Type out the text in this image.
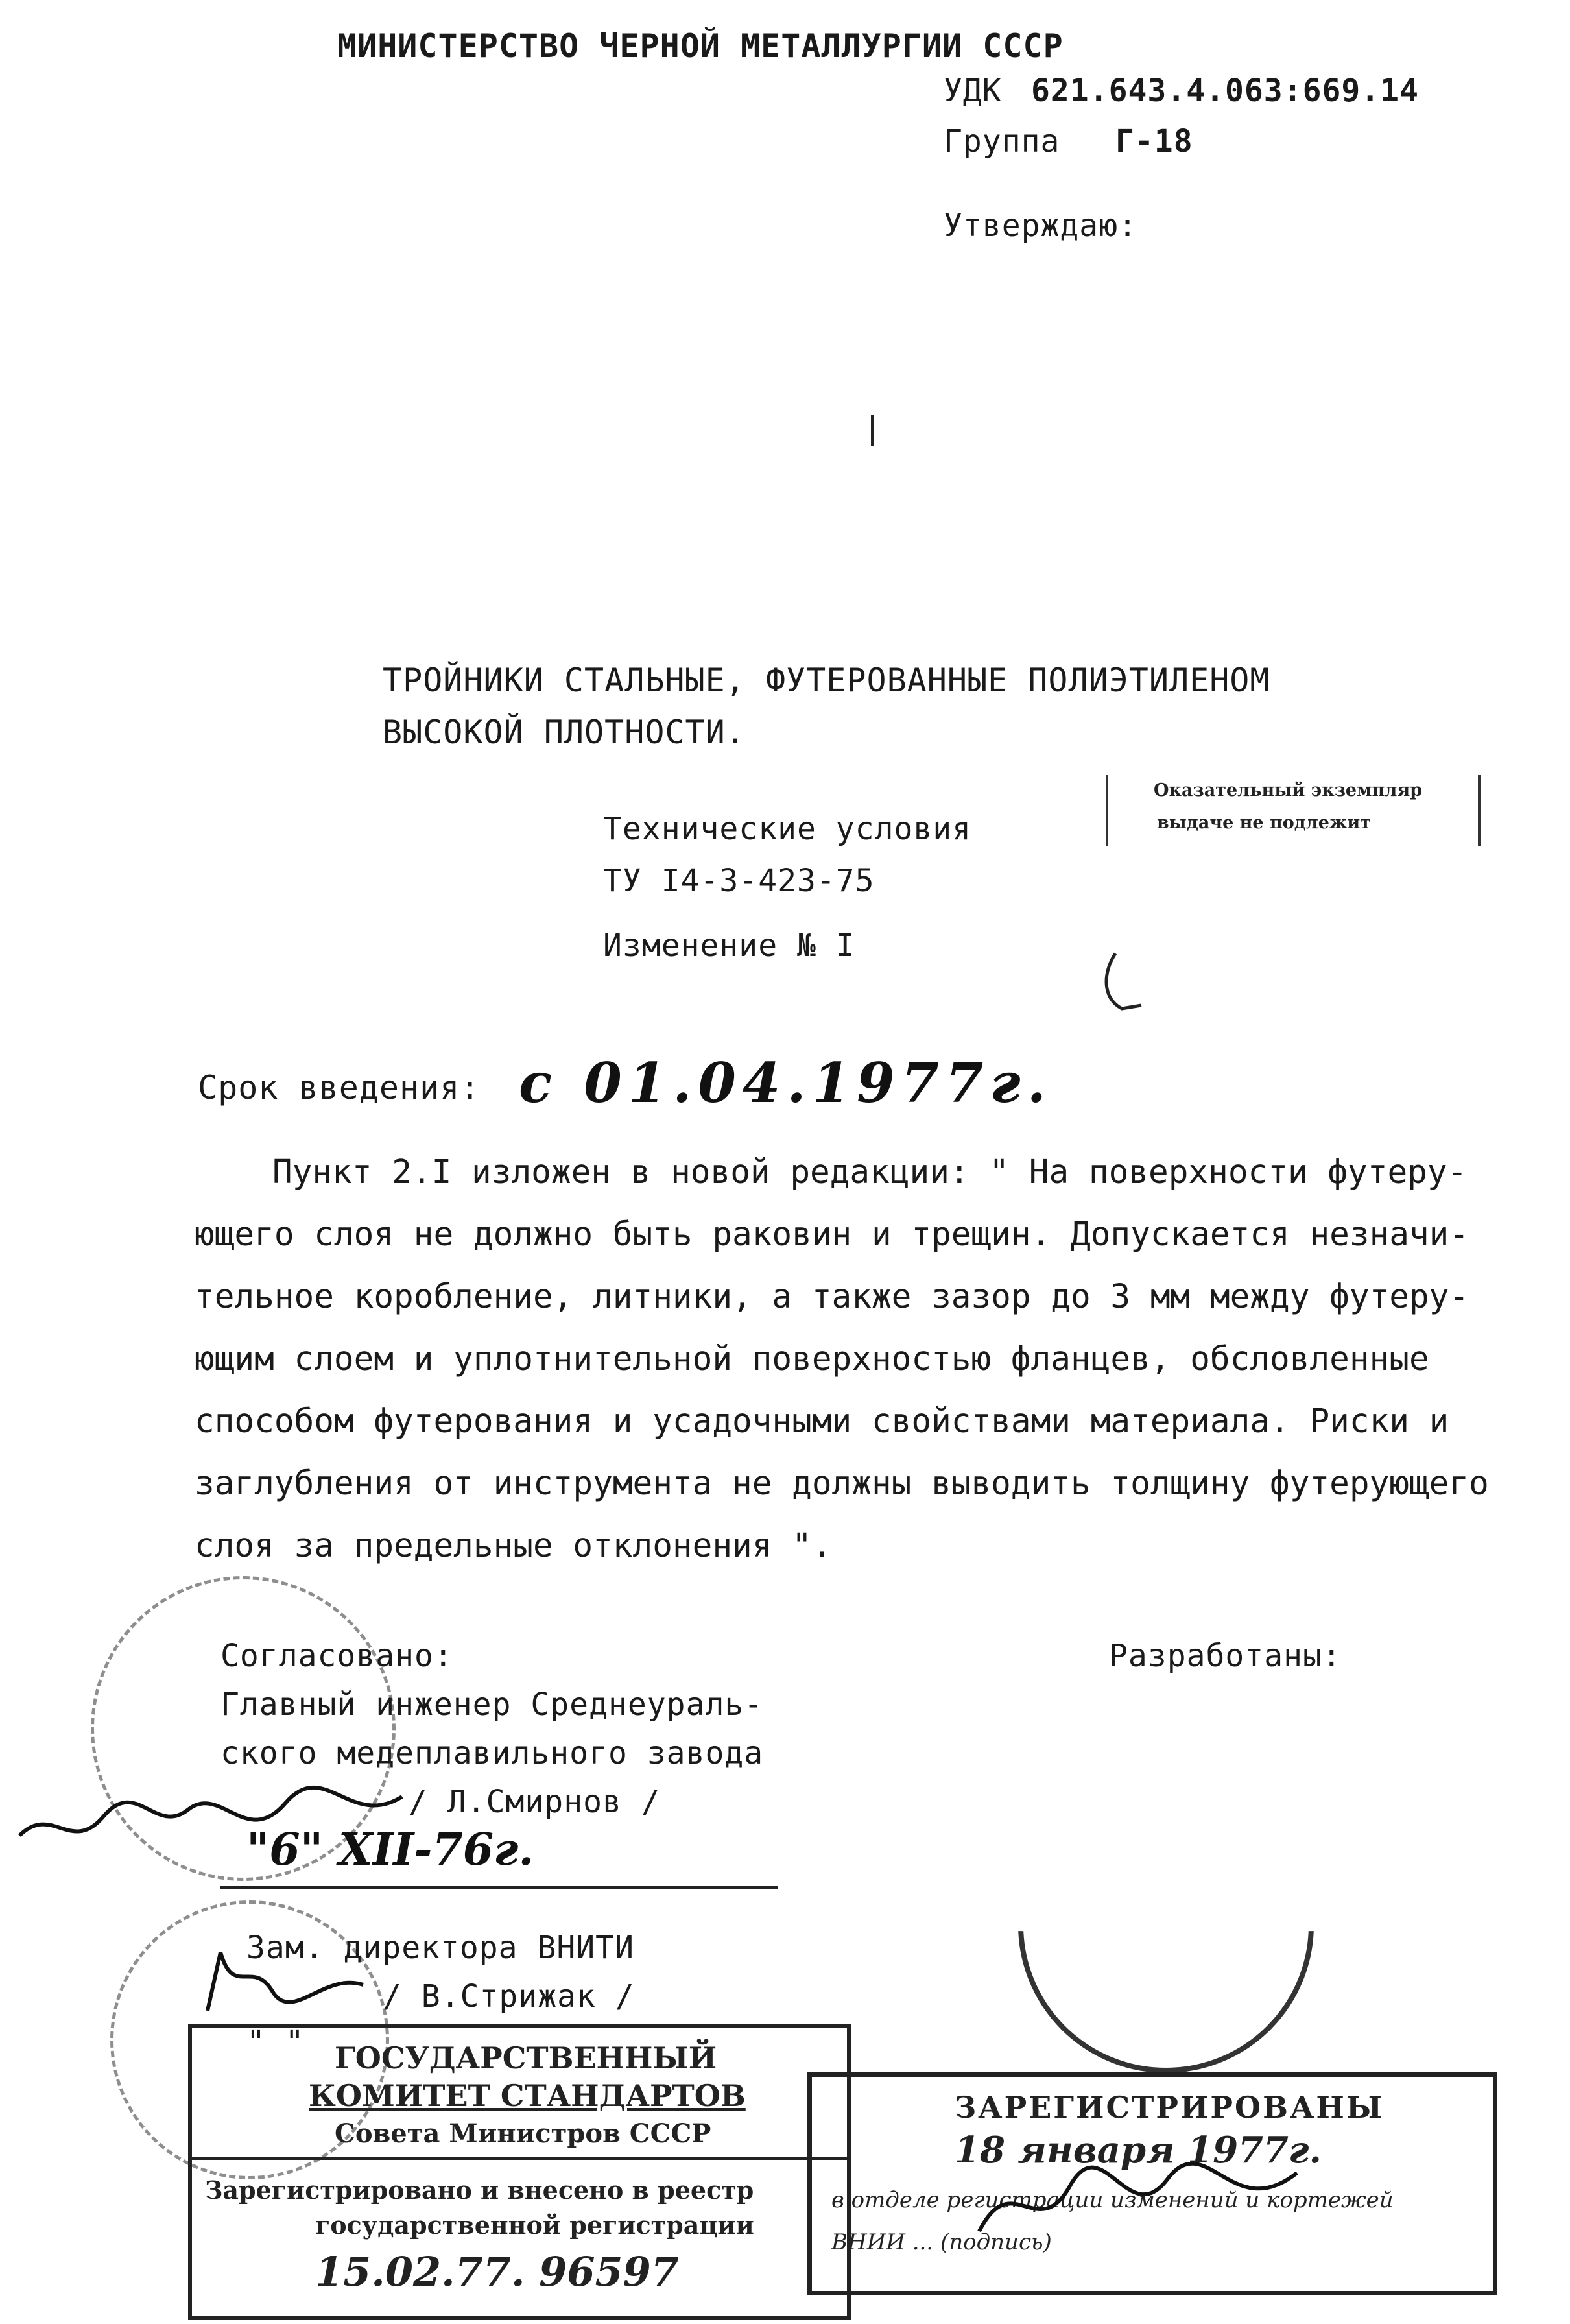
МИНИСТЕРСТВО ЧЕРНОЙ МЕТАЛЛУРГИИ СССР
УДК 621.643.4.063:669.14
Группа Г-18
Утверждаю:
ТРОЙНИКИ СТАЛЬНЫЕ, ФУТЕРОВАННЫЕ ПОЛИЭТИЛЕНОМ
ВЫСОКОЙ ПЛОТНОСТИ.
Технические условия
ТУ I4-3-423-75
Изменение № I
Оказательный экземпляр
выдаче не подлежит
Срок введения: с 01.04.1977г.

Пункт 2.I изложен в новой редакции: " На поверхности футеру-

ющего слоя не должно быть раковин и трещин. Допускается незначи-

тельное коробление, литники, а также зазор до 3 мм между футеру-

ющим слоем и уплотнительной поверхностью фланцев, обсловленные

способом футерования и усадочными свойствами материала. Риски и

заглубления от инструмента не должны выводить толщину футерующего

слоя за предельные отклонения ".

Согласовано:
Главный инженер Среднеураль-
ского медеплавильного завода
/ Л.Смирнов /
"6" XII-76г.
Зам. директора ВНИТИ
/ В.Стрижак /
" "
Разработаны:
ГОСУДАРСТВЕННЫЙ
КОМИТЕТ СТАНДАРТОВ
Совета Министров СССР
Зарегистрировано и внесено в реестр
государственной регистрации
15.02.77. 96597
ЗАРЕГИСТРИРОВАНЫ
18 января 1977г.
в отделе регистрации изменений и кортежей
ВНИИ ... (подпись)
